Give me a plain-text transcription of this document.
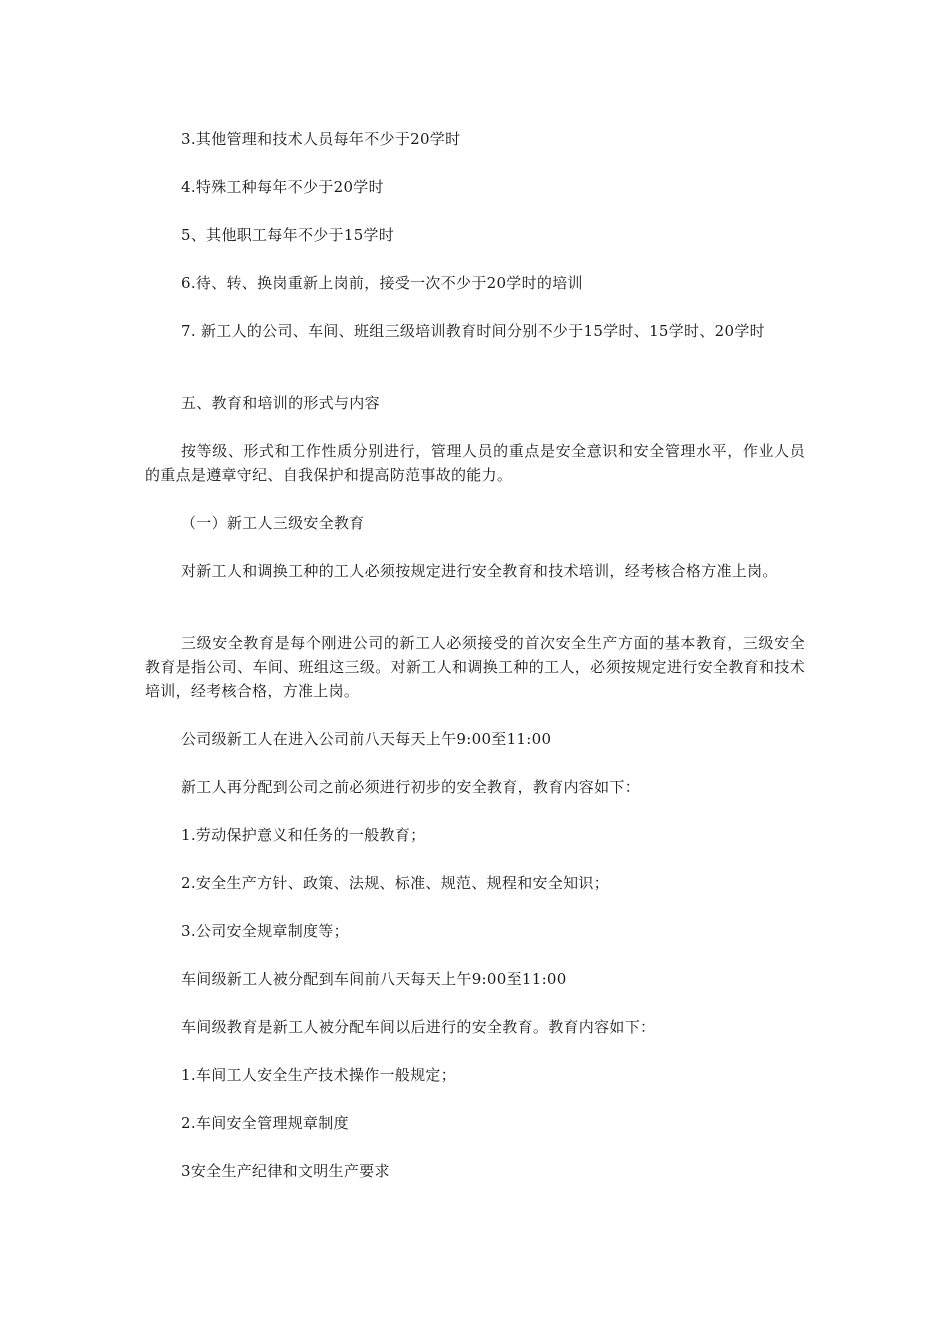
3.其他管理和技术人员每年不少于20学时

4.特殊工种每年不少于20学时

5、其他职工每年不少于15学时

6.待、转、换岗重新上岗前，接受一次不少于20学时的培训

7. 新工人的公司、车间、班组三级培训教育时间分别不少于15学时、15学时、20学时

五、教育和培训的形式与内容

按等级、形式和工作性质分别进行，管理人员的重点是安全意识和安全管理水平，作业人员的重点是遵章守纪、自我保护和提高防范事故的能力。

（一）新工人三级安全教育

对新工人和调换工种的工人必须按规定进行安全教育和技术培训，经考核合格方准上岗。

三级安全教育是每个刚进公司的新工人必须接受的首次安全生产方面的基本教育，三级安全教育是指公司、车间、班组这三级。对新工人和调换工种的工人，必须按规定进行安全教育和技术培训，经考核合格，方准上岗。

公司级新工人在进入公司前八天每天上午9:00至11:00

新工人再分配到公司之前必须进行初步的安全教育，教育内容如下：

1.劳动保护意义和任务的一般教育；

2.安全生产方针、政策、法规、标准、规范、规程和安全知识；

3.公司安全规章制度等；

车间级新工人被分配到车间前八天每天上午9:00至11:00

车间级教育是新工人被分配车间以后进行的安全教育。教育内容如下：

1.车间工人安全生产技术操作一般规定；

2.车间安全管理规章制度

3安全生产纪律和文明生产要求
